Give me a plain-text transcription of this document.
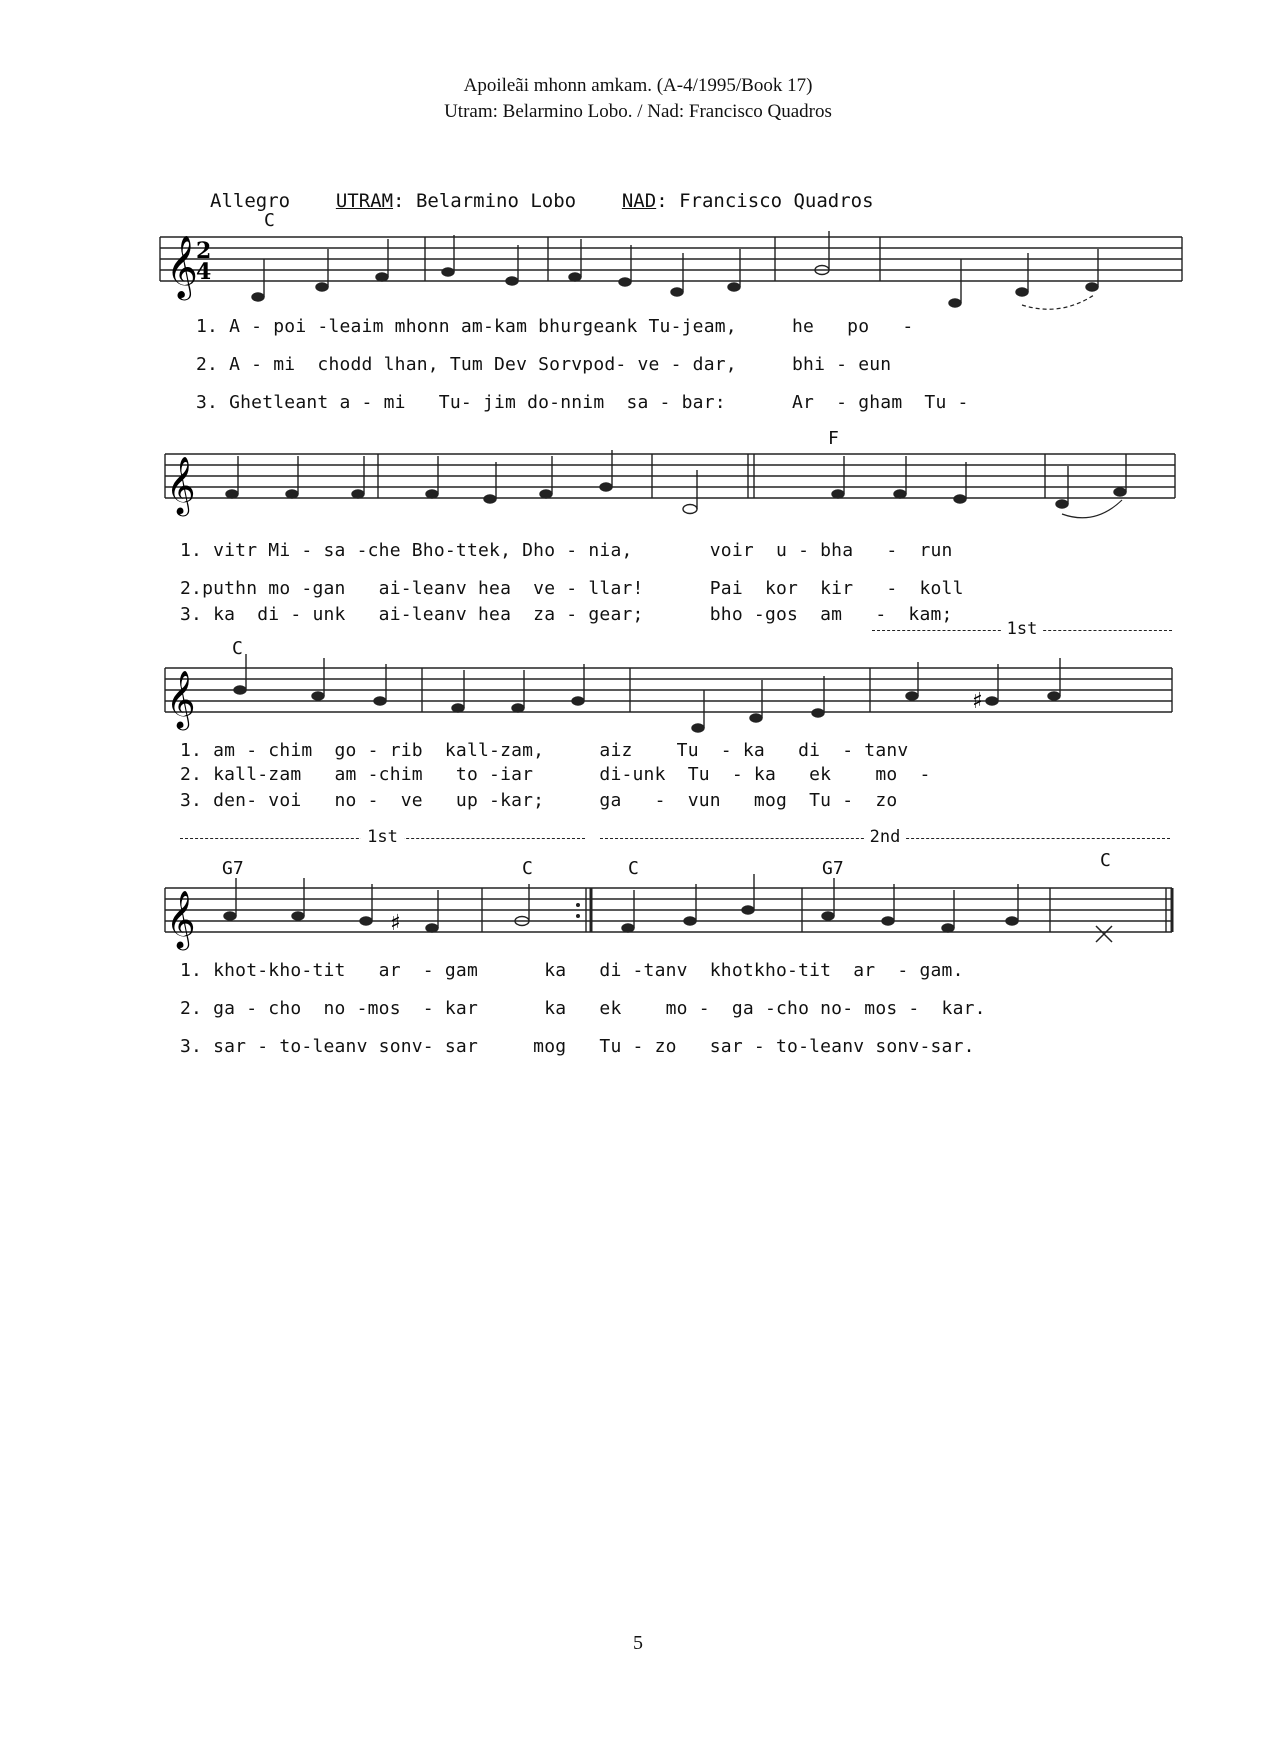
Apoileãi mhonn amkam. (A-4/1995/Book 17)
Utram: Belarmino Lobo. / Nad: Francisco Quadros
Allegro UTRAM: Belarmino Lobo NAD: Francisco Quadros
C
𝄞
2
4
1. A - poi -leaim mhonn am-kam bhurgeank Tu-jeam,     he   po   -
2. A - mi  chodd lhan, Tum Dev Sorvpod- ve - dar,     bhi - eun
3. Ghetleant a - mi   Tu- jim do-nnim  sa - bar:      Ar  - gham  Tu -
F
𝄞
1. vitr Mi - sa -che Bho-ttek, Dho - nia,       voir  u - bha   -  run
2.puthn mo -gan   ai-leanv hea  ve - llar!      Pai  kor  kir   -  koll
3. ka  di - unk   ai-leanv hea  za - gear;      bho -gos  am   -  kam;
C
1st
𝄞	♯
1. am - chim  go - rib  kall-zam,     aiz    Tu  - ka   di  - tanv
2. kall-zam   am -chim   to -iar      di-unk  Tu  - ka   ek    mo  -
3. den- voi   no -  ve   up -kar;     ga   -  vun   mog  Tu -  zo
1st	2nd
G7	C	C	G7	C
𝄞	♯
1. khot-kho-tit   ar  - gam      ka   di -tanv  khotkho-tit  ar  - gam.
2. ga - cho  no -mos  - kar      ka   ek    mo -  ga -cho no- mos -  kar.
3. sar - to-leanv sonv- sar     mog   Tu - zo   sar - to-leanv sonv-sar.
5
